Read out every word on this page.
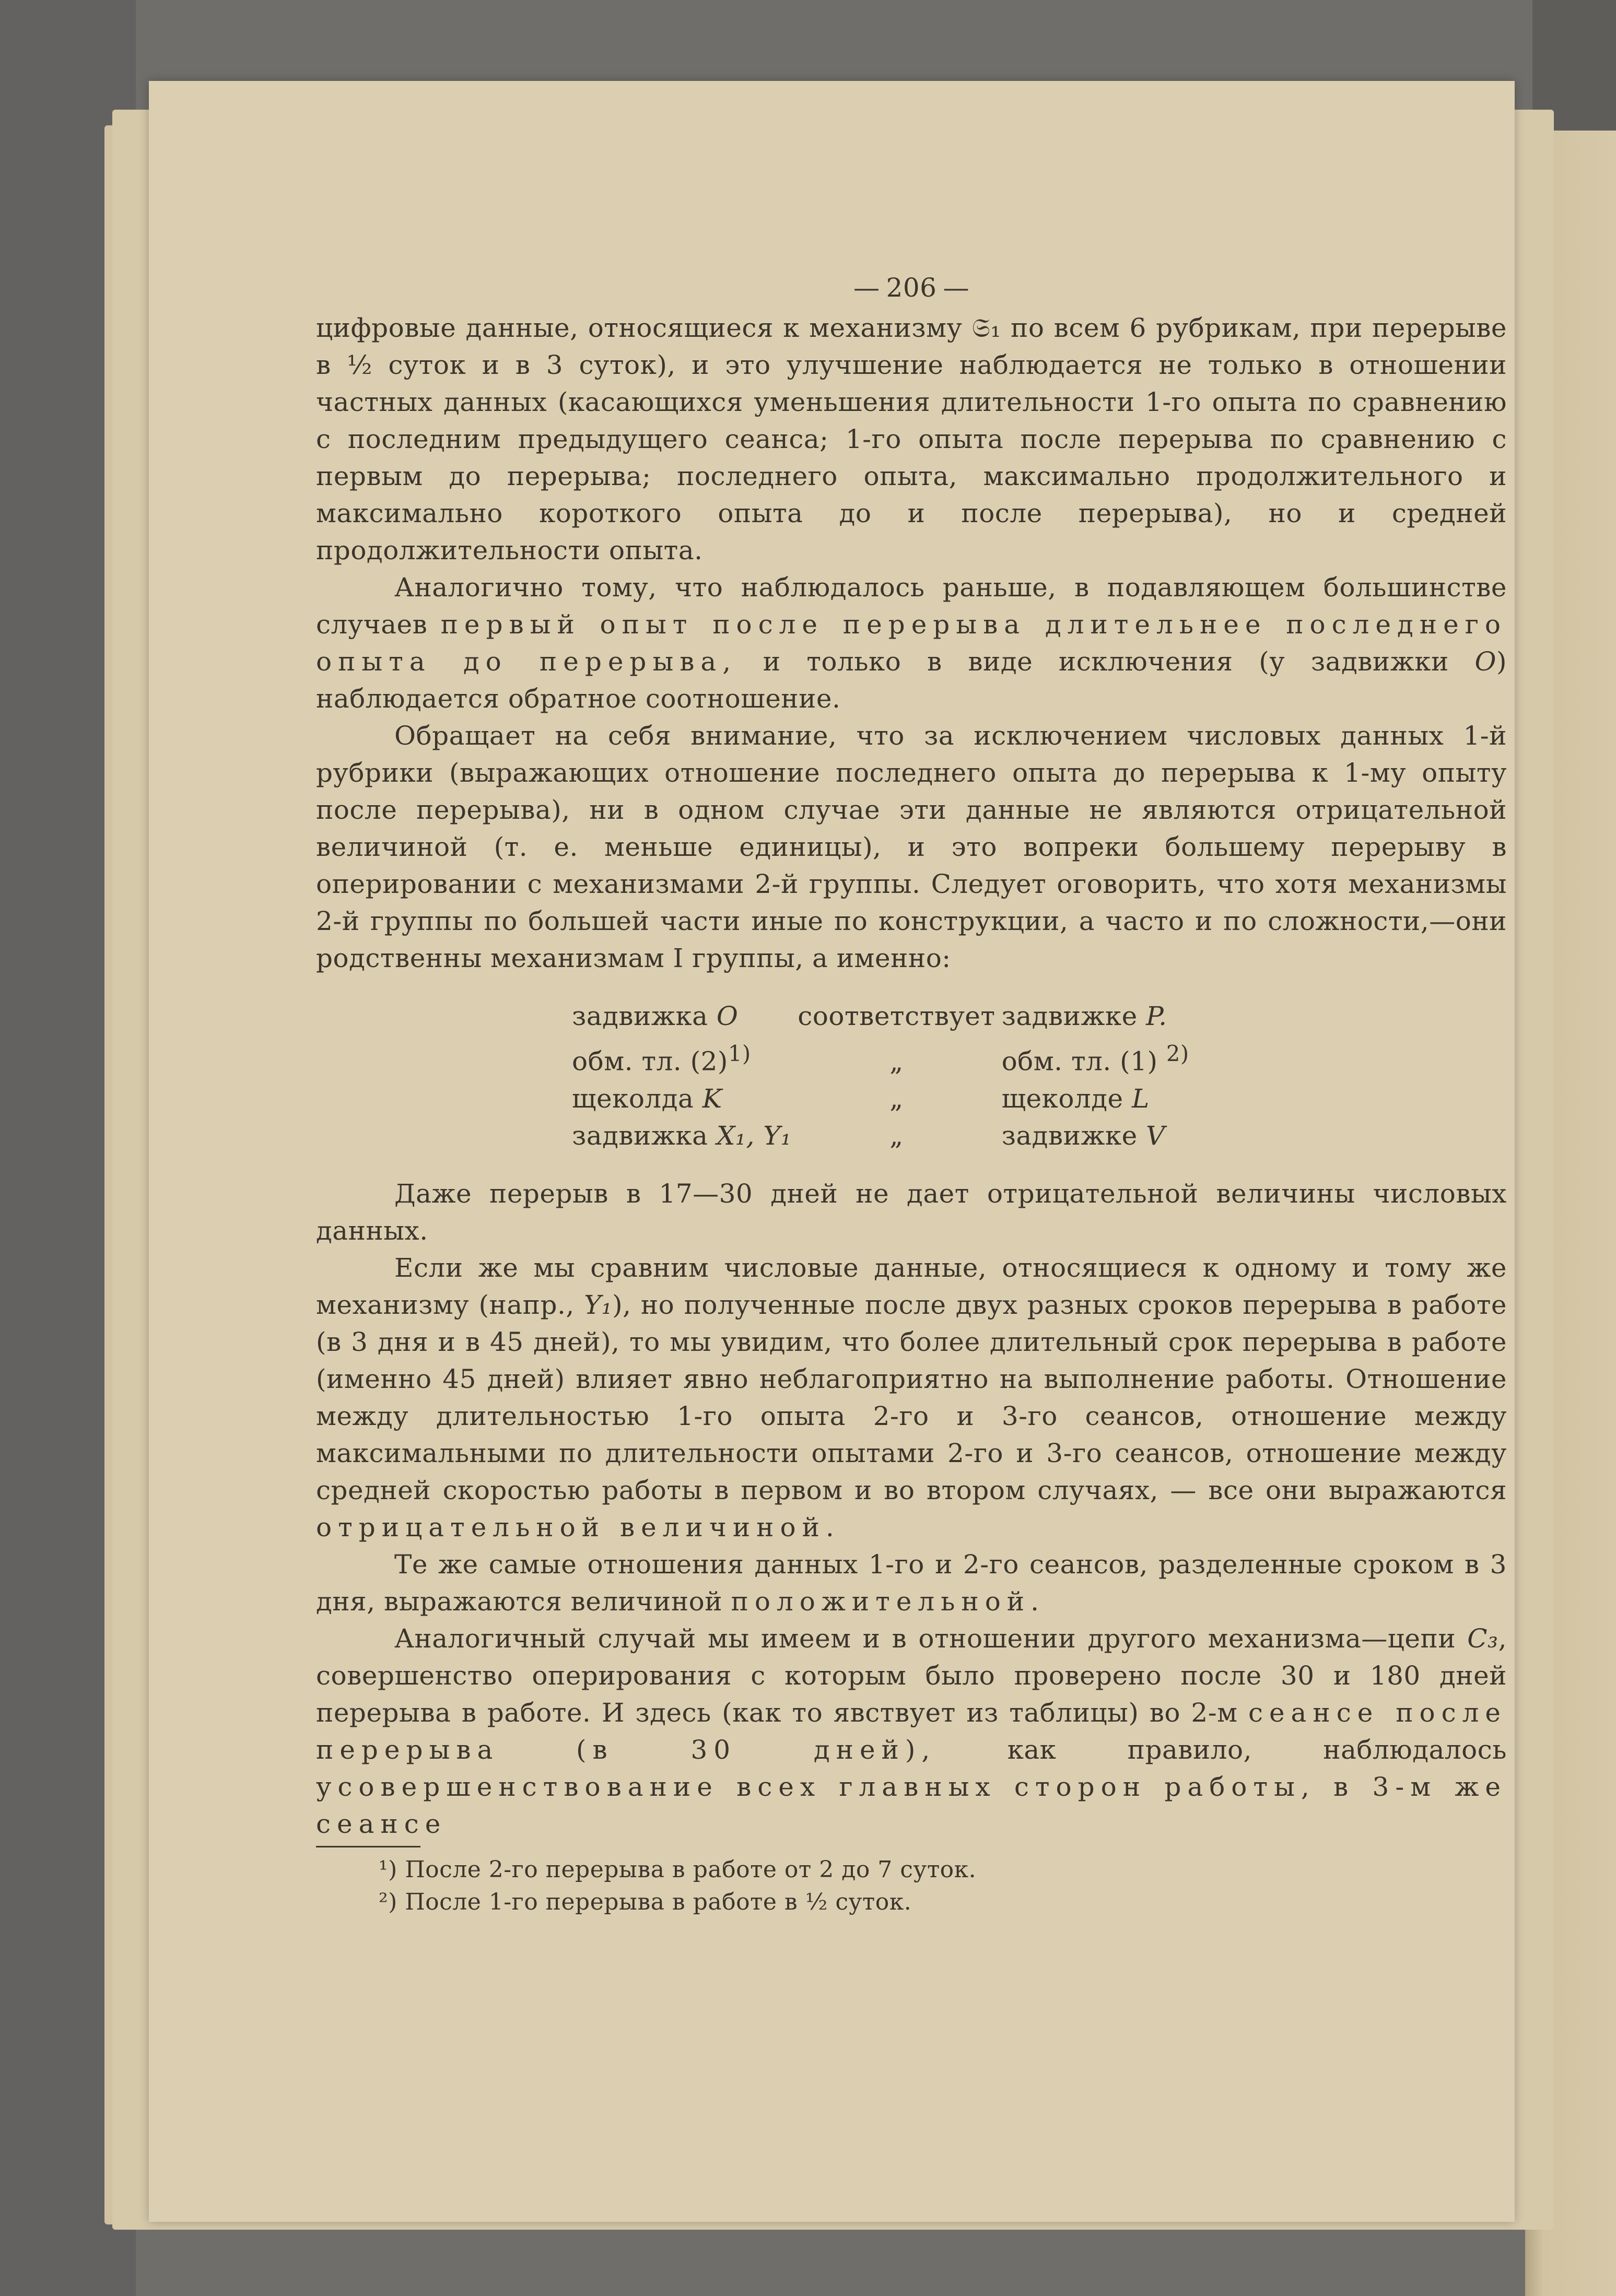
— 206 —

цифровые данные, относящиеся к механизму 𝔖₁ по всем 6 рубрикам, при перерыве в ½ суток и в 3 суток), и это улучшение наблюдается не только в отношении частных данных (касающихся уменьшения длительности 1-го опыта по сравнению с последним предыдущего сеанса; 1-го опыта после перерыва по сравнению с первым до перерыва; последнего опыта, максимально продолжительного и максимально короткого опыта до и после перерыва), но и средней продолжительности опыта.

Аналогично тому, что наблюдалось раньше, в подавляющем большинстве случаев первый опыт после перерыва длительнее последнего опыта до перерыва, и только в виде исключения (у задвижки O) наблюдается обратное соотношение.

Обращает на себя внимание, что за исключением числовых данных 1-й рубрики (выражающих отношение последнего опыта до перерыва к 1-му опыту после перерыва), ни в одном случае эти данные не являются отрицательной величиной (т. е. меньше единицы), и это вопреки большему перерыву в оперировании с механизмами 2-й группы. Следует оговорить, что хотя механизмы 2-й группы по большей части иные по конструкции, а часто и по сложности,—они родственны механизмам I группы, а именно:

задвижка O	соответствует	задвижке P.
обм. тл. $(2)^{1)}$	„	обм. тл. (1) $^{2)}$
щеколда K	„	щеколде L
задвижка X₁, Y₁	„	задвижке V

Даже перерыв в 17—30 дней не дает отрицательной величины числовых данных.

Если же мы сравним числовые данные, относящиеся к одному и тому же механизму (напр., Y₁), но полученные после двух разных сроков перерыва в работе (в 3 дня и в 45 дней), то мы увидим, что более длительный срок перерыва в работе (именно 45 дней) влияет явно неблагоприятно на выполнение работы. Отношение между длительностью 1-го опыта 2-го и 3-го сеансов, отношение между максимальными по длительности опытами 2-го и 3-го сеансов, отношение между средней скоростью работы в первом и во втором случаях, — все они выражаются отрицательной величиной.

Те же самые отношения данных 1-го и 2-го сеансов, разделенные сроком в 3 дня, выражаются величиной положительной.

Аналогичный случай мы имеем и в отношении другого механизма—цепи C₃, совершенство оперирования с которым было проверено после 30 и 180 дней перерыва в работе. И здесь (как то явствует из таблицы) во 2-м сеансе после перерыва (в 30 дней),	как правило, наблюдалось усовершенствование всех главных сторон работы, в 3-м же сеансе

¹) После 2-го перерыва в работе от 2 до 7 суток.
²) После 1-го перерыва в работе в ½ суток.
